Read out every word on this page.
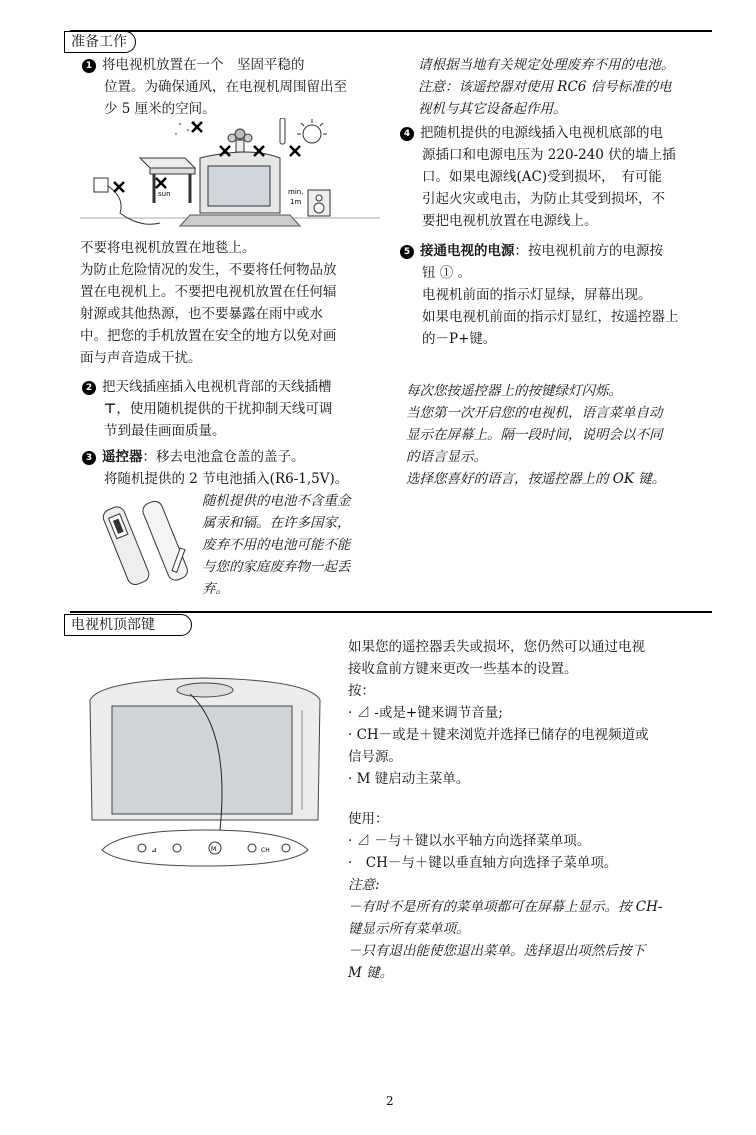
准备工作

1 将电视机放置在一个　坚固平稳的

位置。为确保通风，在电视机周围留出至

少 5 厘米的空间。

sun	min.
1m
不要将电视机放置在地毯上。

为防止危险情况的发生，不要将任何物品放

置在电视机上。不要把电视机放置在任何辐

射源或其他热源，也不要暴露在雨中或水

中。把您的手机放置在安全的地方以免对画

面与声音造成干扰。

2 把天线插座插入电视机背部的天线插槽

⊤，使用随机提供的干扰抑制天线可调

节到最佳画面质量。

3 遥控器：移去电池盒仓盖的盖子。

将随机提供的 2 节电池插入(R6-1,5V)。

随机提供的电池不含重金

属汞和镉。在许多国家，

废弃不用的电池可能不能

与您的家庭废弃物一起丢

弃。

请根据当地有关规定处理废弃不用的电池。

注意：该遥控器对使用 RC6 信号标准的电

视机与其它设备起作用。

4 把随机提供的电源线插入电视机底部的电

源插口和电源电压为 220-240 伏的墙上插

口。如果电源线(AC)受到损坏，　有可能

引起火灾或电击，为防止其受到损坏，不

要把电视机放置在电源线上。

5 接通电视的电源：按电视机前方的电源按

钮 ① 。

电视机前面的指示灯显绿，屏幕出现。

如果电视机前面的指示灯显红，按遥控器上

的－P+键。

每次您按遥控器上的按键绿灯闪烁。

当您第一次开启您的电视机，语言菜单自动

显示在屏幕上。隔一段时间，说明会以不同

的语言显示。

选择您喜好的语言，按遥控器上的 OK 键。

电视机顶部键

如果您的遥控器丢失或损坏，您仍然可以通过电视

接收盒前方键来更改一些基本的设置。

按：

· ⊿ -或是+键来调节音量;

· CH－或是＋键来浏览并选择已储存的电视频道或

信号源。

· M 键启动主菜单。

使用：

· ⊿ －与＋键以水平轴方向选择菜单项。

·　CH－与＋键以垂直轴方向选择子菜单项。

注意:

－有时不是所有的菜单项都可在屏幕上显示。按 CH-

键显示所有菜单项。

－只有退出能使您退出菜单。选择退出项然后按下

M 键。

⊿	M	CH
2
